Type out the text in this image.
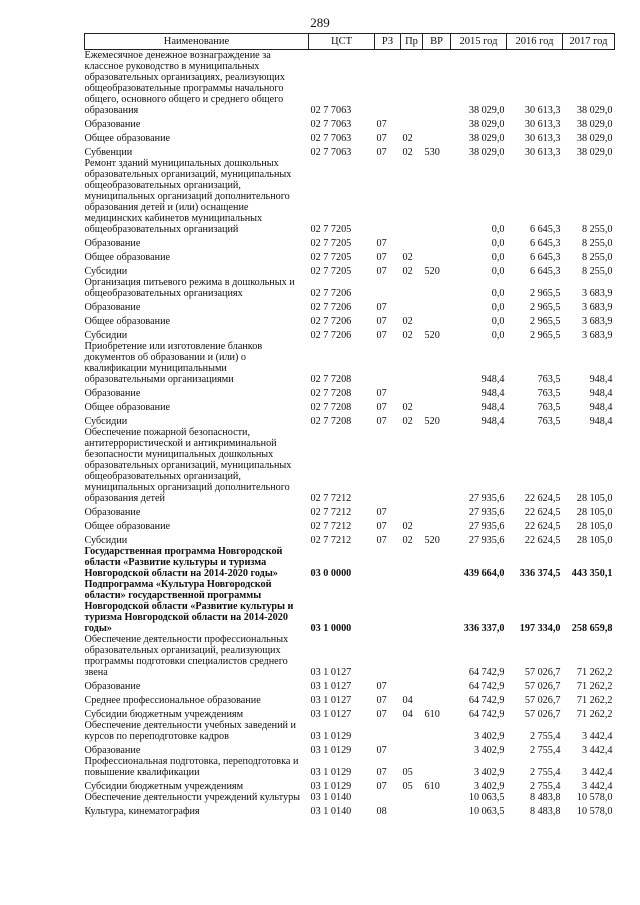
289
Наименование	ЦСТ	РЗ	Пр	ВР	2015 год	2016 год	2017 год
Ежемесячное денежное вознаграждение за классное руководство в муниципальных образовательных организациях, реализующих общеобразовательные программы начального общего, основного общего и среднего общего образования	02 7 7063				38 029,0	30 613,3	38 029,0
Образование	02 7 7063	07			38 029,0	30 613,3	38 029,0
Общее образование	02 7 7063	07	02		38 029,0	30 613,3	38 029,0
Субвенции	02 7 7063	07	02	530	38 029,0	30 613,3	38 029,0
Ремонт зданий муниципальных дошкольных образовательных организаций, муниципальных общеобразовательных организаций, муниципальных организаций дополнительного образования детей и (или) оснащение медицинских кабинетов муниципальных общеобразовательных организаций	02 7 7205				0,0	6 645,3	8 255,0
Образование	02 7 7205	07			0,0	6 645,3	8 255,0
Общее образование	02 7 7205	07	02		0,0	6 645,3	8 255,0
Субсидии	02 7 7205	07	02	520	0,0	6 645,3	8 255,0
Организация питьевого режима в дошкольных и общеобразовательных организациях	02 7 7206				0,0	2 965,5	3 683,9
Образование	02 7 7206	07			0,0	2 965,5	3 683,9
Общее образование	02 7 7206	07	02		0,0	2 965,5	3 683,9
Субсидии	02 7 7206	07	02	520	0,0	2 965,5	3 683,9
Приобретение или изготовление бланков документов об образовании и (или) о квалификации муниципальными образовательными организациями	02 7 7208				948,4	763,5	948,4
Образование	02 7 7208	07			948,4	763,5	948,4
Общее образование	02 7 7208	07	02		948,4	763,5	948,4
Субсидии	02 7 7208	07	02	520	948,4	763,5	948,4
Обеспечение пожарной безопасности, антитеррористической и антикриминальной безопасности муниципальных дошкольных образовательных организаций, муниципальных общеобразовательных организаций, муниципальных организаций дополнительного образования детей	02 7 7212				27 935,6	22 624,5	28 105,0
Образование	02 7 7212	07			27 935,6	22 624,5	28 105,0
Общее образование	02 7 7212	07	02		27 935,6	22 624,5	28 105,0
Субсидии	02 7 7212	07	02	520	27 935,6	22 624,5	28 105,0
Государственная программа Новгородской области «Развитие культуры и туризма Новгородской области на 2014-2020 годы»	03 0 0000				439 664,0	336 374,5	443 350,1
Подпрограмма «Культура Новгородской области» государственной программы Новгородской области «Развитие культуры и туризма Новгородской области на 2014-2020 годы»	03 1 0000				336 337,0	197 334,0	258 659,8
Обеспечение деятельности профессиональных образовательных организаций, реализующих программы подготовки специалистов среднего звена	03 1 0127				64 742,9	57 026,7	71 262,2
Образование	03 1 0127	07			64 742,9	57 026,7	71 262,2
Среднее профессиональное образование	03 1 0127	07	04		64 742,9	57 026,7	71 262,2
Субсидии бюджетным учреждениям	03 1 0127	07	04	610	64 742,9	57 026,7	71 262,2
Обеспечение деятельности учебных заведений и курсов по переподготовке кадров	03 1 0129				3 402,9	2 755,4	3 442,4
Образование	03 1 0129	07			3 402,9	2 755,4	3 442,4
Профессиональная подготовка, переподготовка и повышение квалификации	03 1 0129	07	05		3 402,9	2 755,4	3 442,4
Субсидии бюджетным учреждениям	03 1 0129	07	05	610	3 402,9	2 755,4	3 442,4
Обеспечение деятельности учреждений культуры	03 1 0140				10 063,5	8 483,8	10 578,0
Культура, кинематография	03 1 0140	08			10 063,5	8 483,8	10 578,0
